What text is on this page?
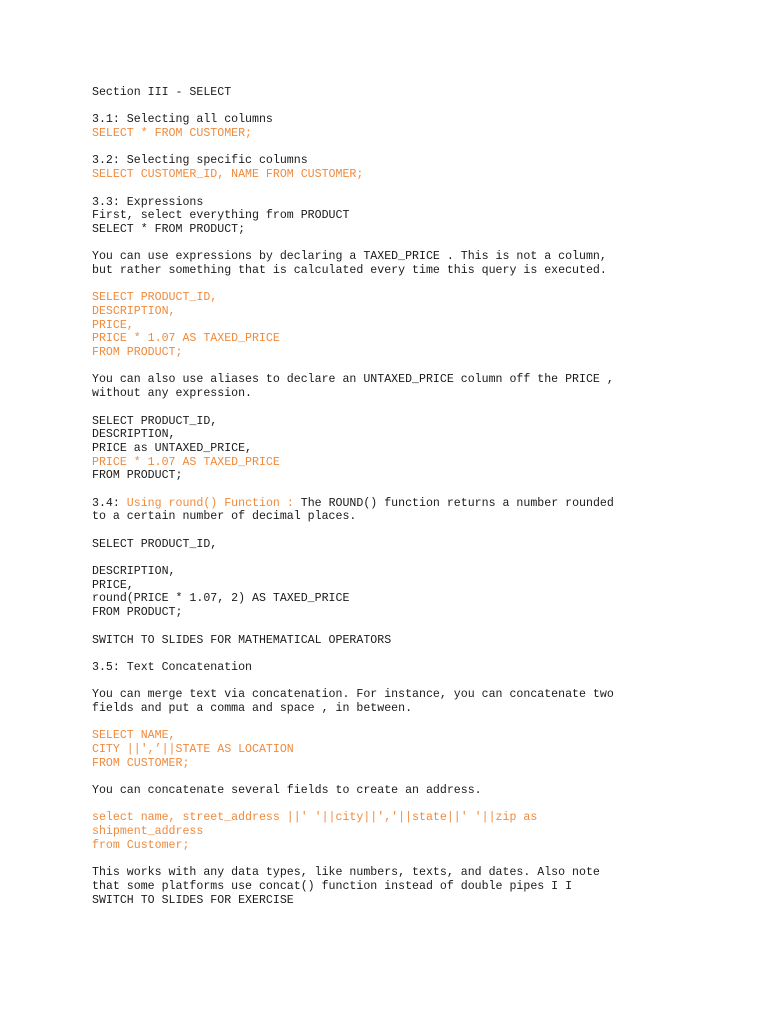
Section III - SELECT
3.1: Selecting all columns
SELECT * FROM CUSTOMER;
3.2: Selecting specific columns
SELECT CUSTOMER_ID, NAME FROM CUSTOMER;
3.3: Expressions
First, select everything from PRODUCT
SELECT * FROM PRODUCT;
You can use expressions by declaring a TAXED_PRICE . This is not a column,
but rather something that is calculated every time this query is executed.
SELECT PRODUCT_ID,
DESCRIPTION,
PRICE,
PRICE * 1.07 AS TAXED_PRICE
FROM PRODUCT;
You can also use aliases to declare an UNTAXED_PRICE column off the PRICE ,
without any expression.
SELECT PRODUCT_ID,
DESCRIPTION,
PRICE as UNTAXED_PRICE,
PRICE * 1.07 AS TAXED_PRICE
FROM PRODUCT;
3.4: Using round() Function : The ROUND() function returns a number rounded
to a certain number of decimal places.
SELECT PRODUCT_ID,
DESCRIPTION,
PRICE,
round(PRICE * 1.07, 2) AS TAXED_PRICE
FROM PRODUCT;
SWITCH TO SLIDES FOR MATHEMATICAL OPERATORS
3.5: Text Concatenation
You can merge text via concatenation. For instance, you can concatenate two
fields and put a comma and space , in between.
SELECT NAME,
CITY ||',’||STATE AS LOCATION
FROM CUSTOMER;
You can concatenate several fields to create an address.
select name, street_address ||' '||city||','||state||' '||zip as
shipment_address
from Customer;
This works with any data types, like numbers, texts, and dates. Also note
that some platforms use concat() function instead of double pipes I I
SWITCH TO SLIDES FOR EXERCISE
